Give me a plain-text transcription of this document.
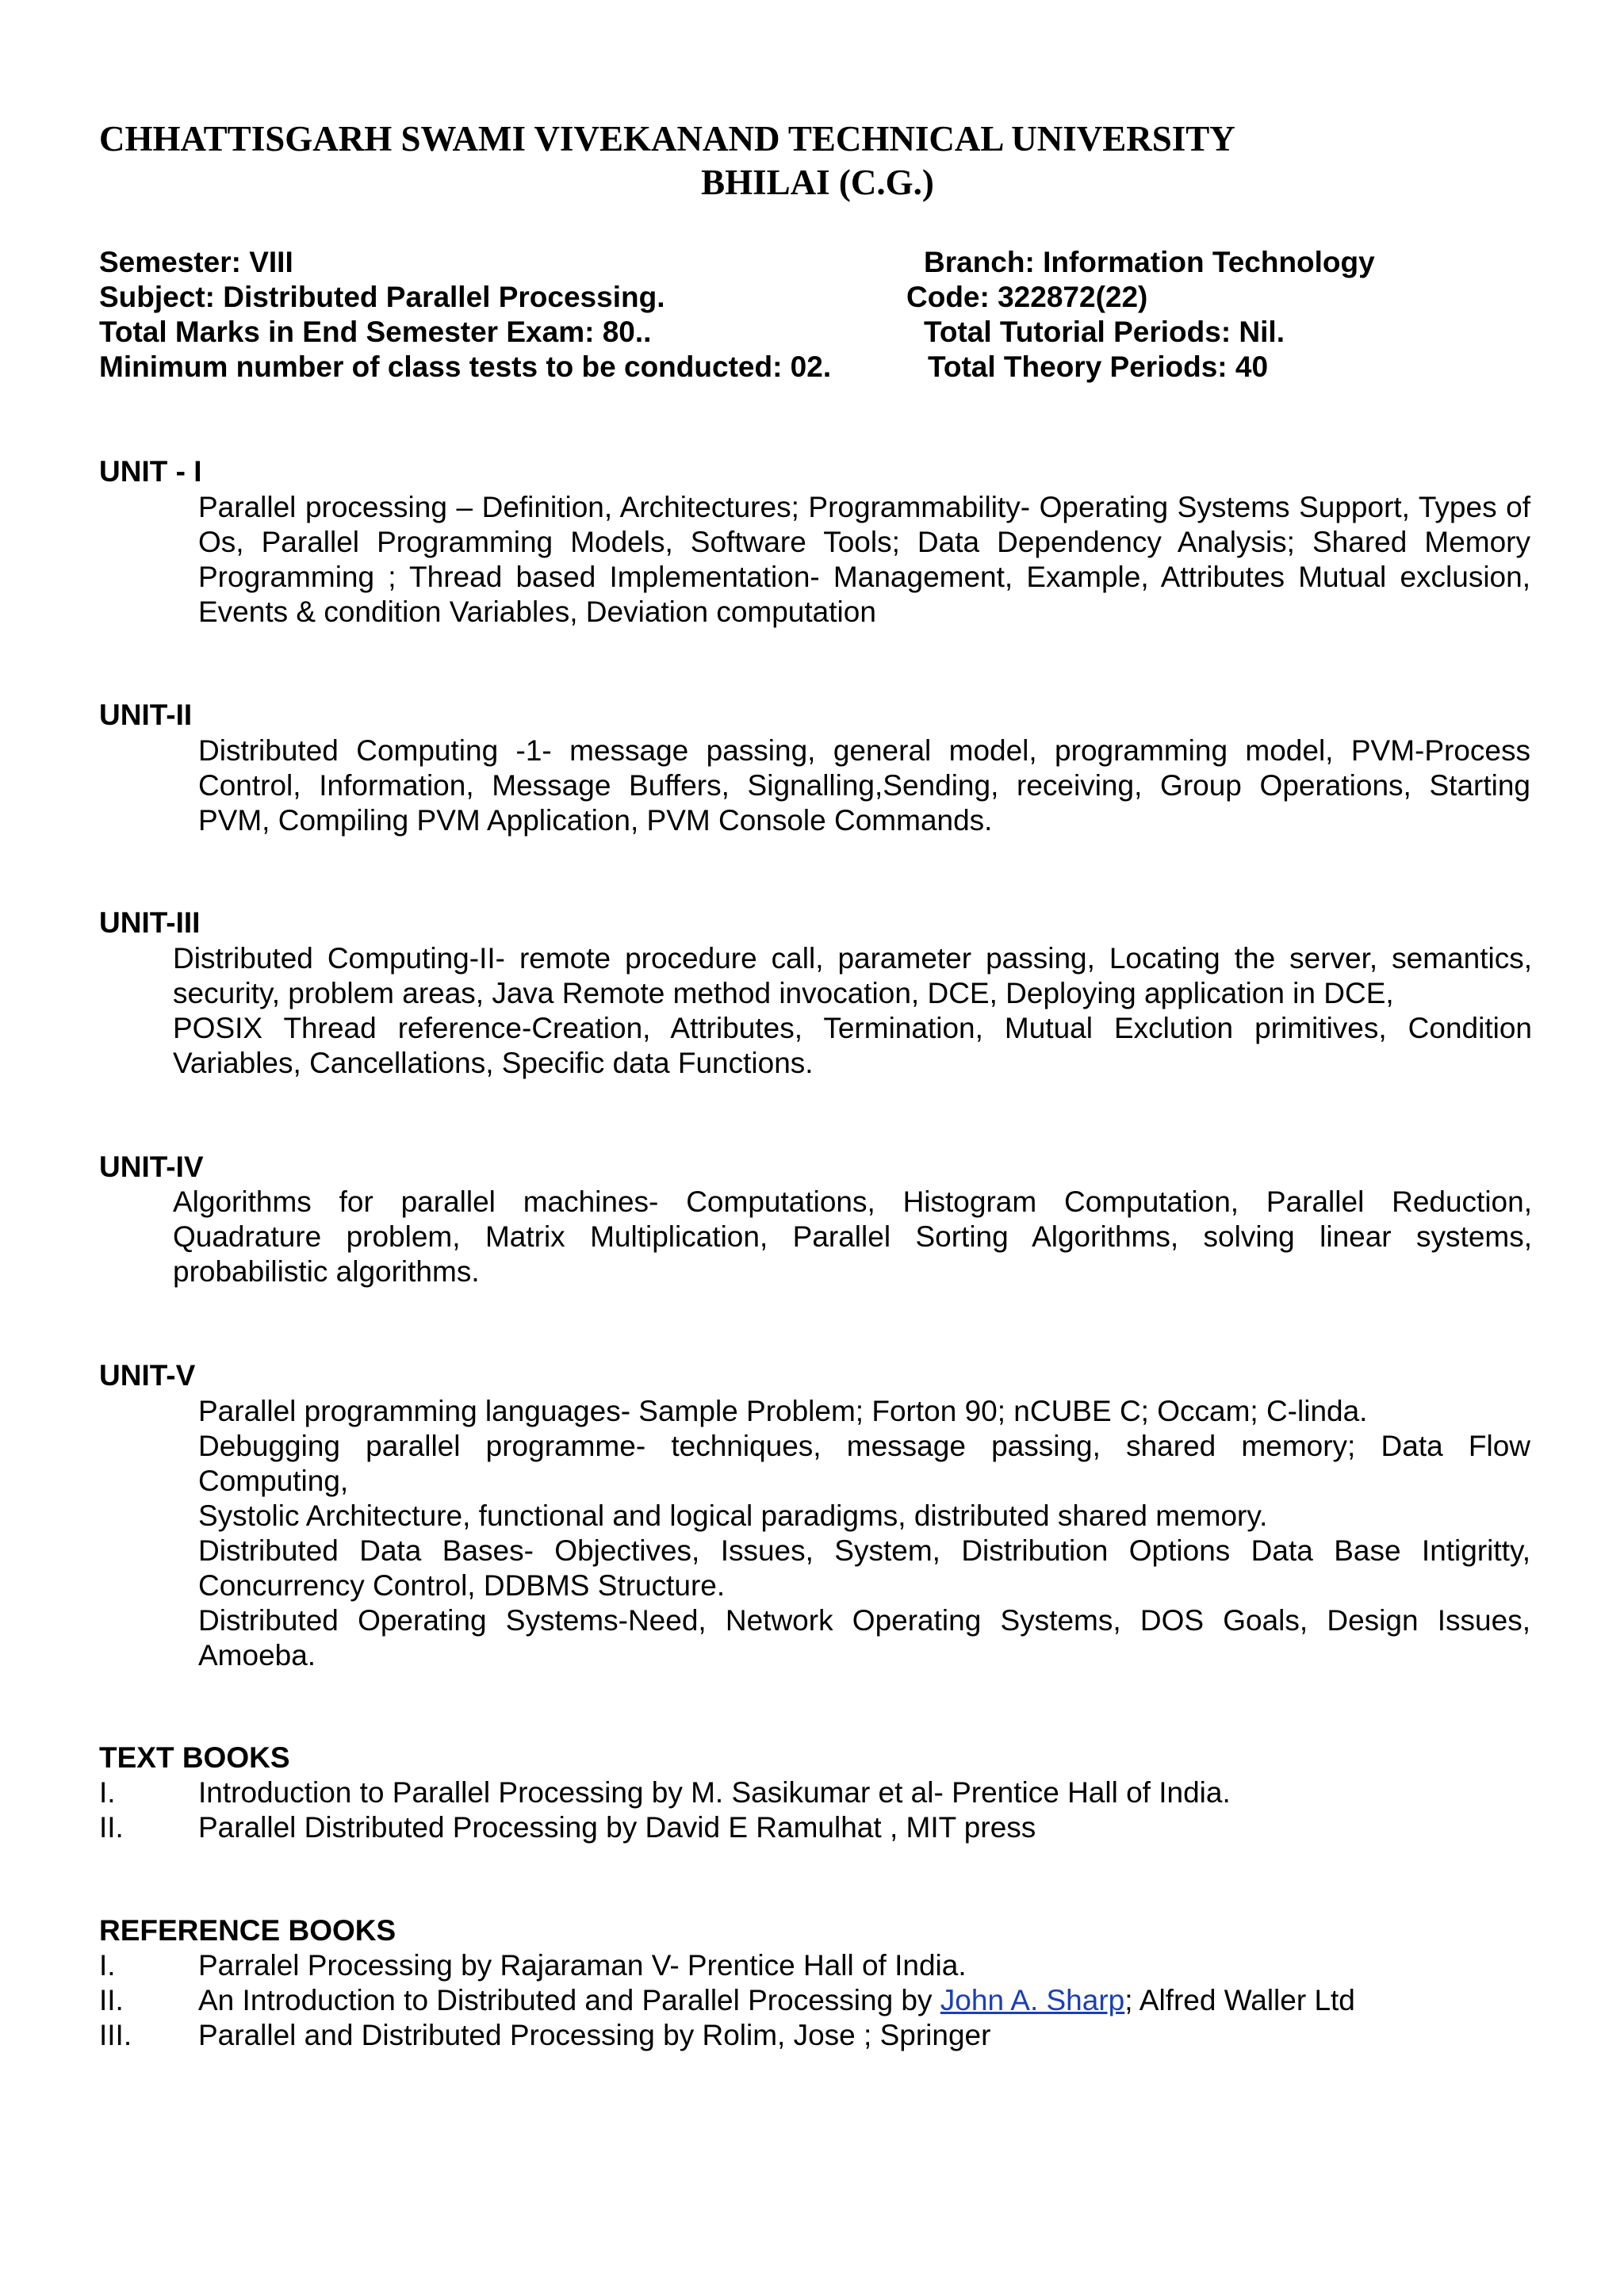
CHHATTISGARH SWAMI VIVEKANAND TECHNICAL UNIVERSITY
BHILAI (C.G.)
Semester: VIII	Branch: Information Technology
Subject: Distributed Parallel Processing.	Code: 322872(22)
Total Marks in End Semester Exam: 80..	Total Tutorial Periods: Nil.
Minimum number of class tests to be conducted: 02.	Total Theory Periods: 40
UNIT - I

Parallel processing – Definition, Architectures; Programmability- Operating Systems Support, Types of Os, Parallel Programming Models, Software Tools; Data Dependency Analysis; Shared Memory Programming ; Thread based Implementation- Management, Example, Attributes Mutual exclusion, Events & condition Variables, Deviation computation

UNIT-II

Distributed Computing -1- message passing, general model, programming model, PVM-Process Control, Information, Message Buffers, Signalling,Sending, receiving, Group Operations, Starting PVM, Compiling PVM Application, PVM Console Commands.

UNIT-III

Distributed Computing-II- remote procedure call, parameter passing, Locating the server, semantics, security, problem areas, Java Remote method invocation, DCE, Deploying application in DCE,

POSIX Thread reference-Creation, Attributes, Termination, Mutual Exclution primitives, Condition Variables, Cancellations, Specific data Functions.

UNIT-IV

Algorithms for parallel machines- Computations, Histogram Computation, Parallel Reduction, Quadrature problem, Matrix Multiplication, Parallel Sorting Algorithms, solving linear systems, probabilistic algorithms.

UNIT-V

Parallel programming languages- Sample Problem; Forton 90; nCUBE C; Occam; C-linda.

Debugging parallel programme- techniques, message passing, shared memory; Data Flow Computing,

Systolic Architecture, functional and logical paradigms, distributed shared memory.

Distributed Data Bases- Objectives, Issues, System, Distribution Options Data Base Intigritty, Concurrency Control, DDBMS Structure.

Distributed Operating Systems-Need, Network Operating Systems, DOS Goals, Design Issues, Amoeba.

TEXT BOOKS
I.	Introduction to Parallel Processing by M. Sasikumar et al- Prentice Hall of India.
II.	Parallel Distributed Processing by David E Ramulhat , MIT press
REFERENCE BOOKS
I.	Parralel Processing by Rajaraman V- Prentice Hall of India.
II.	An Introduction to Distributed and Parallel Processing by John A. Sharp; Alfred Waller Ltd
III.	Parallel and Distributed Processing by Rolim, Jose ; Springer
